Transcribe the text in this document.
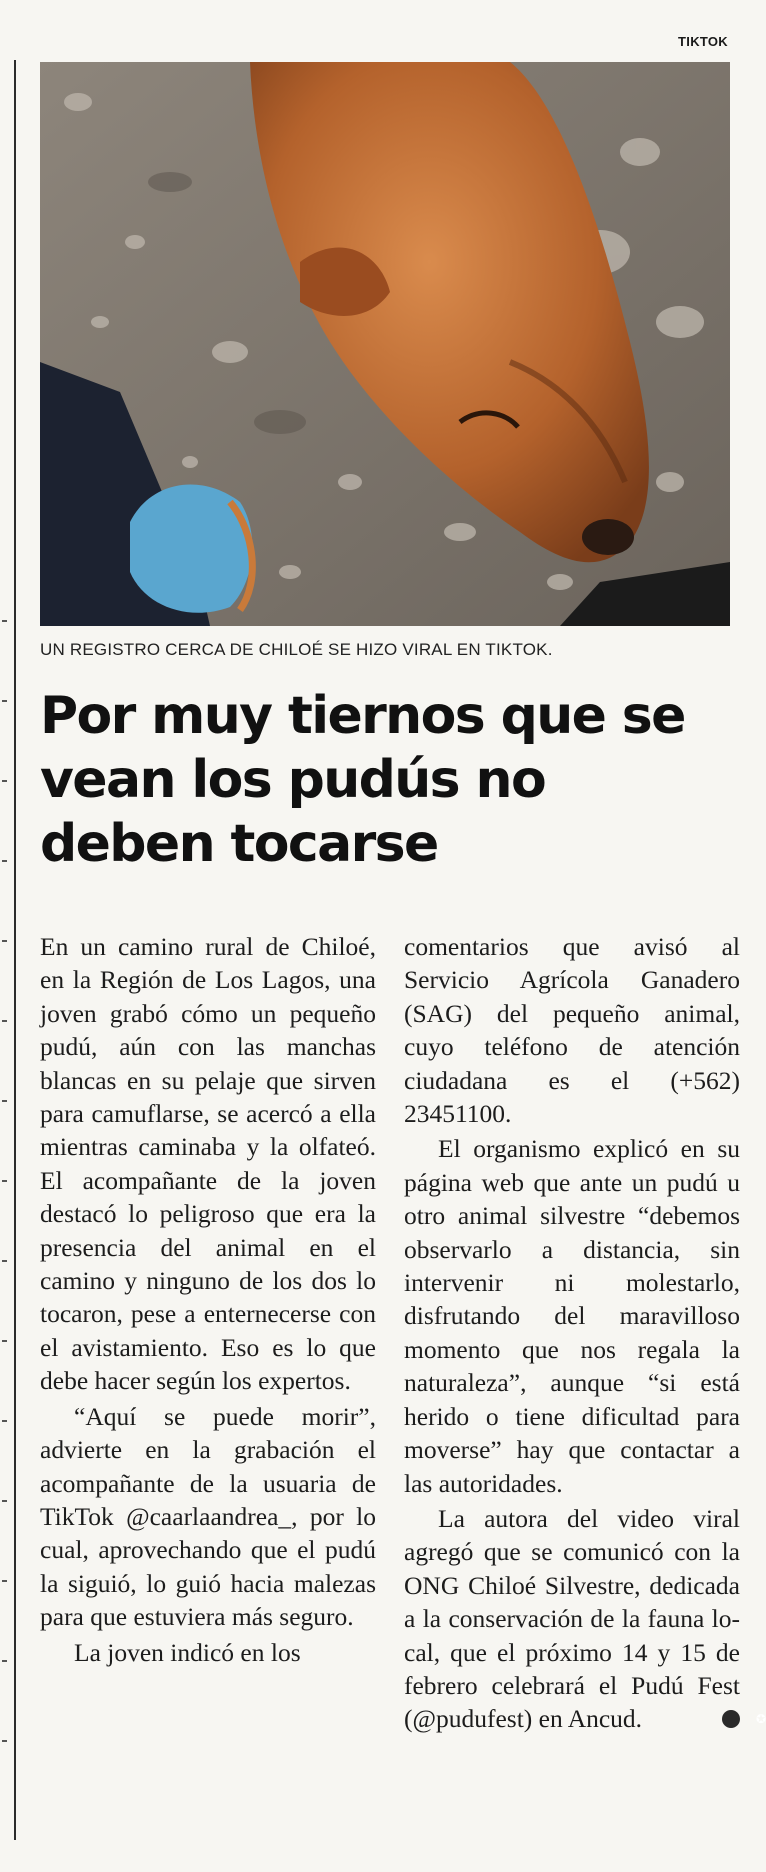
TIKTOK
UN REGISTRO CERCA DE CHILOÉ SE HIZO VIRAL EN TIKTOK.
Por muy tiernos que se
vean los pudús no
deben tocarse

En un camino rural de Chiloé, en la Región de Los Lagos, una joven grabó cómo un pequeño pudú, aún con las manchas blancas en su pelaje que sirven para camuflarse, se acercó a ella mientras caminaba y la olfateó. El acompañante de la joven destacó lo peligroso que era la presencia del animal en el camino y ninguno de los dos lo tocaron, pese a enternecerse con el avistamiento. Eso es lo que debe hacer según los expertos.

“Aquí se puede morir”, advierte en la grabación el acompañante de la usuaria de TikTok @caarlaandrea_, por lo cual, aprovechando que el pudú la siguió, lo guió hacia malezas para que estuviera más seguro.

La joven indicó en los

comentarios que avisó al Servicio Agrícola Ganadero (SAG) del pequeño animal, cuyo teléfono de atención ciudadana es el (+562) 23451100.

El organismo explicó en su página web que ante un pudú u otro animal silvestre “debemos observarlo a distancia, sin intervenir ni molestarlo, disfrutando del maravilloso momento que nos regala la naturaleza”, aunque “si está herido o tiene dificultad para moverse” hay que contactar a las autoridades.

La autora del video viral agregó que se comunicó con la ONG Chiloé Silvestre, dedicada a la conservación de la fauna local, que el próximo 14 y 15 de febrero celebrará el Pudú Fest (@pudufest) en Ancud.	✪
